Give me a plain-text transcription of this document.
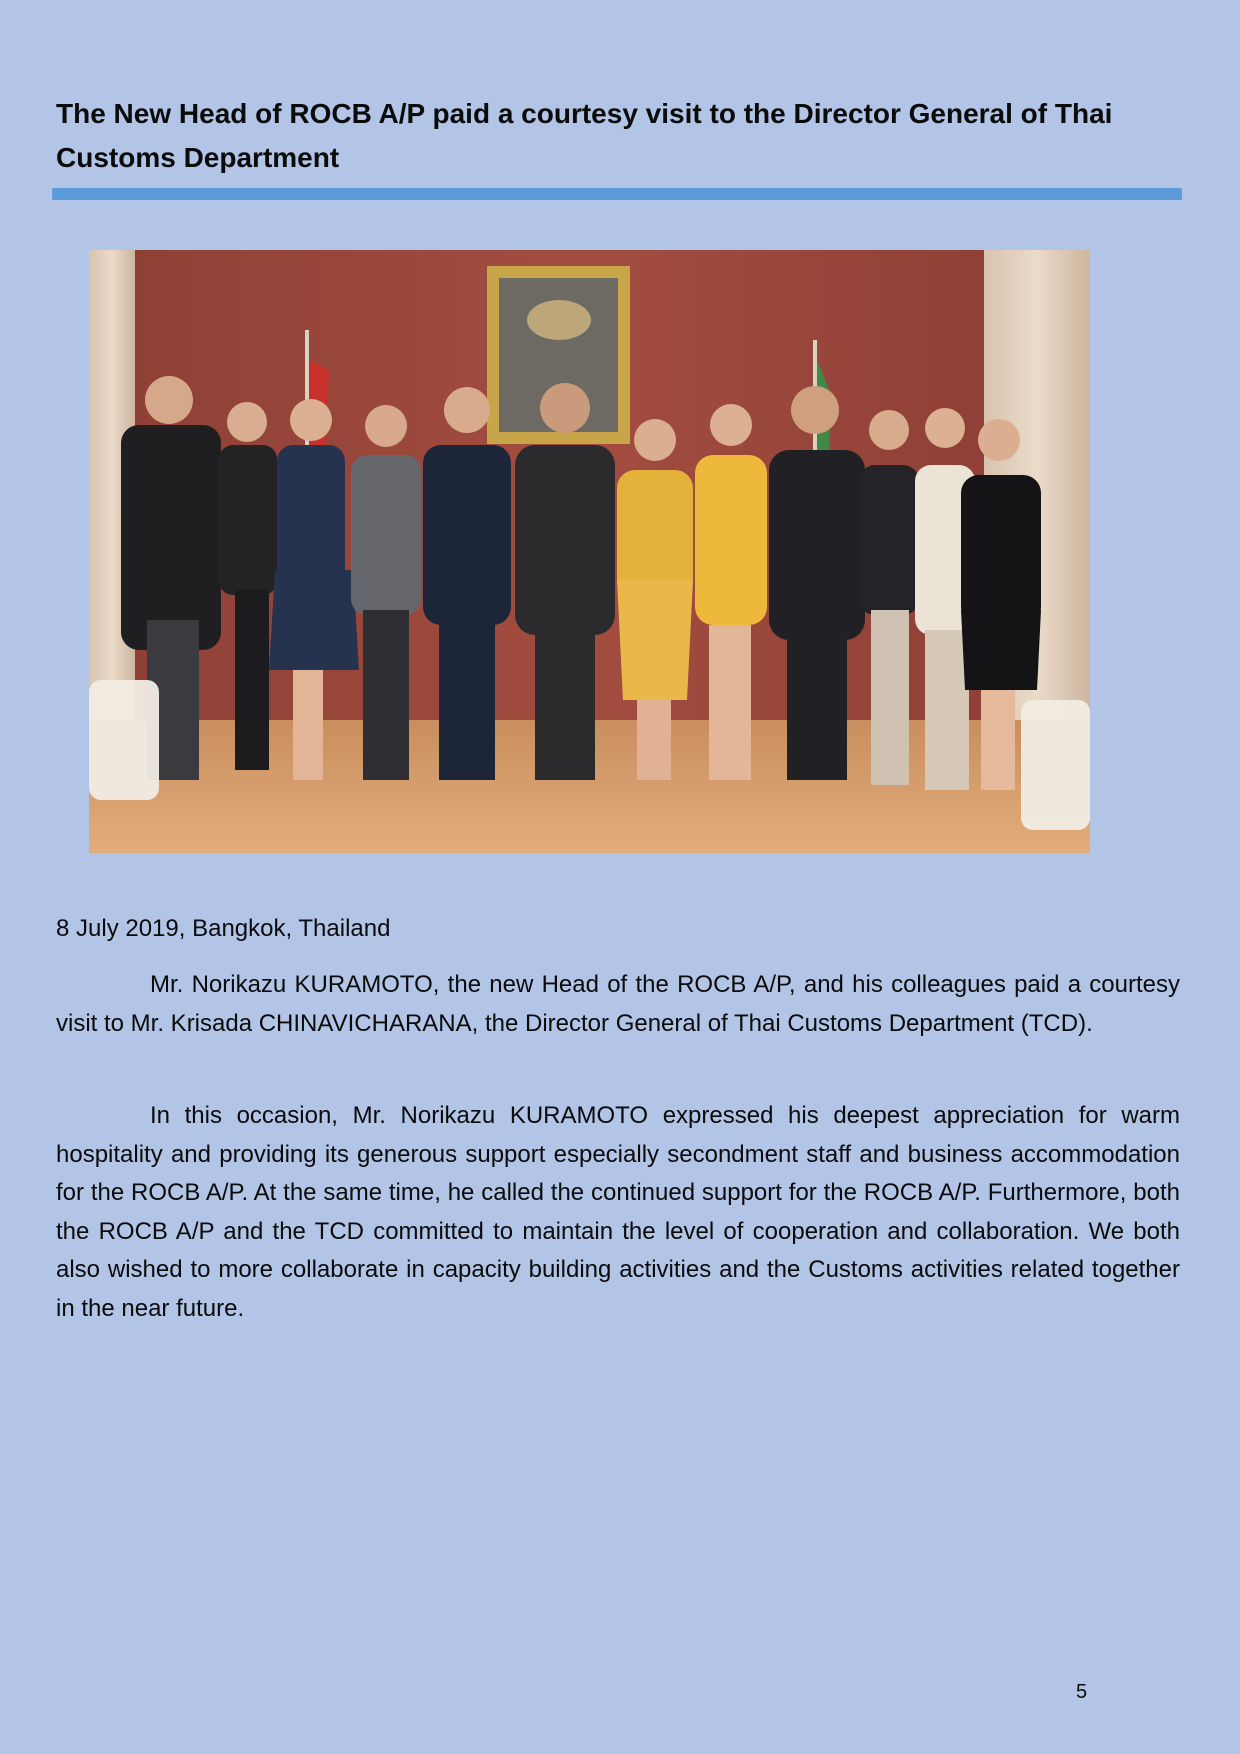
The New Head of ROCB A/P paid a courtesy visit to the Director General of Thai Customs Department

8 July 2019, Bangkok, Thailand

Mr. Norikazu KURAMOTO, the new Head of the ROCB A/P, and his colleagues paid a courtesy visit to Mr. Krisada CHINAVICHARANA, the Director General of Thai Customs Department (TCD).

In this occasion, Mr. Norikazu KURAMOTO expressed his deepest appreciation for warm hospitality and providing its generous support especially secondment staff and business accommodation for the ROCB A/P. At the same time, he called the continued support for the ROCB A/P. Furthermore, both the ROCB A/P and the TCD committed to maintain the level of cooperation and collaboration. We both also wished to more collaborate in capacity building activities and the Customs activities related together in the near future.

5
